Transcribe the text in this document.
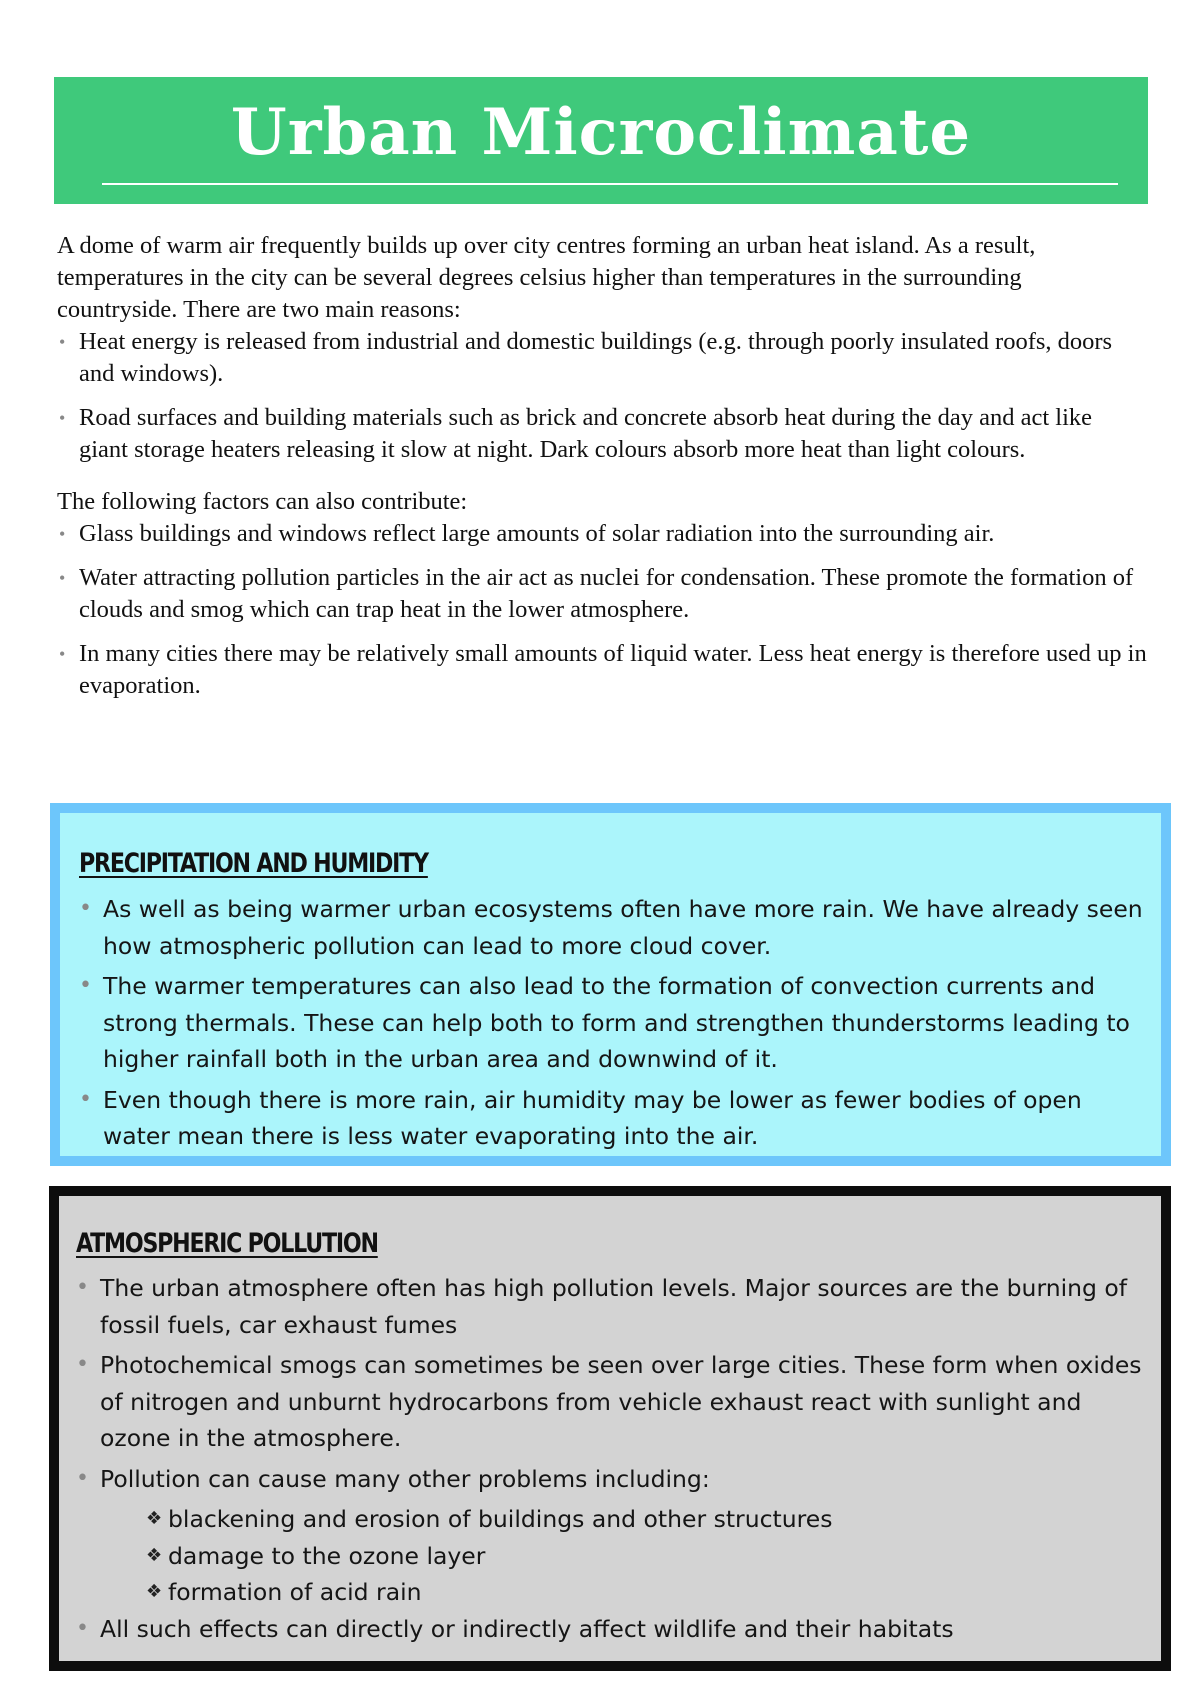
Urban Microclimate

A dome of warm air frequently builds up over city centres forming an urban heat island. As a result, temperatures in the city can be several degrees celsius higher than temperatures in the surrounding countryside. There are two main reasons:

• Heat energy is released from industrial and domestic buildings (e.g. through poorly insulated roofs, doors and windows).
• Road surfaces and building materials such as brick and concrete absorb heat during the day and act like giant storage heaters releasing it slow at night. Dark colours absorb more heat than light colours.

The following factors can also contribute:

• Glass buildings and windows reflect large amounts of solar radiation into the surrounding air.
• Water attracting pollution particles in the air act as nuclei for condensation. These promote the formation of clouds and smog which can trap heat in the lower atmosphere.
• In many cities there may be relatively small amounts of liquid water. Less heat energy is therefore used up in evaporation.
PRECIPITATION AND HUMIDITY
• As well as being warmer urban ecosystems often have more rain. We have already seen how atmospheric pollution can lead to more cloud cover.
• The warmer temperatures can also lead to the formation of convection currents and strong thermals. These can help both to form and strengthen thunderstorms leading to higher rainfall both in the urban area and downwind of it.
• Even though there is more rain, air humidity may be lower as fewer bodies of open water mean there is less water evaporating into the air.
ATMOSPHERIC POLLUTION
• The urban atmosphere often has high pollution levels. Major sources are the burning of fossil fuels, car exhaust fumes
• Photochemical smogs can sometimes be seen over large cities. These form when oxides of nitrogen and unburnt hydrocarbons from vehicle exhaust react with sunlight and ozone in the atmosphere.
• Pollution can cause many other problems including:
❖ blackening and erosion of buildings and other structures
❖ damage to the ozone layer
❖ formation of acid rain
• All such effects can directly or indirectly affect wildlife and their habitats
